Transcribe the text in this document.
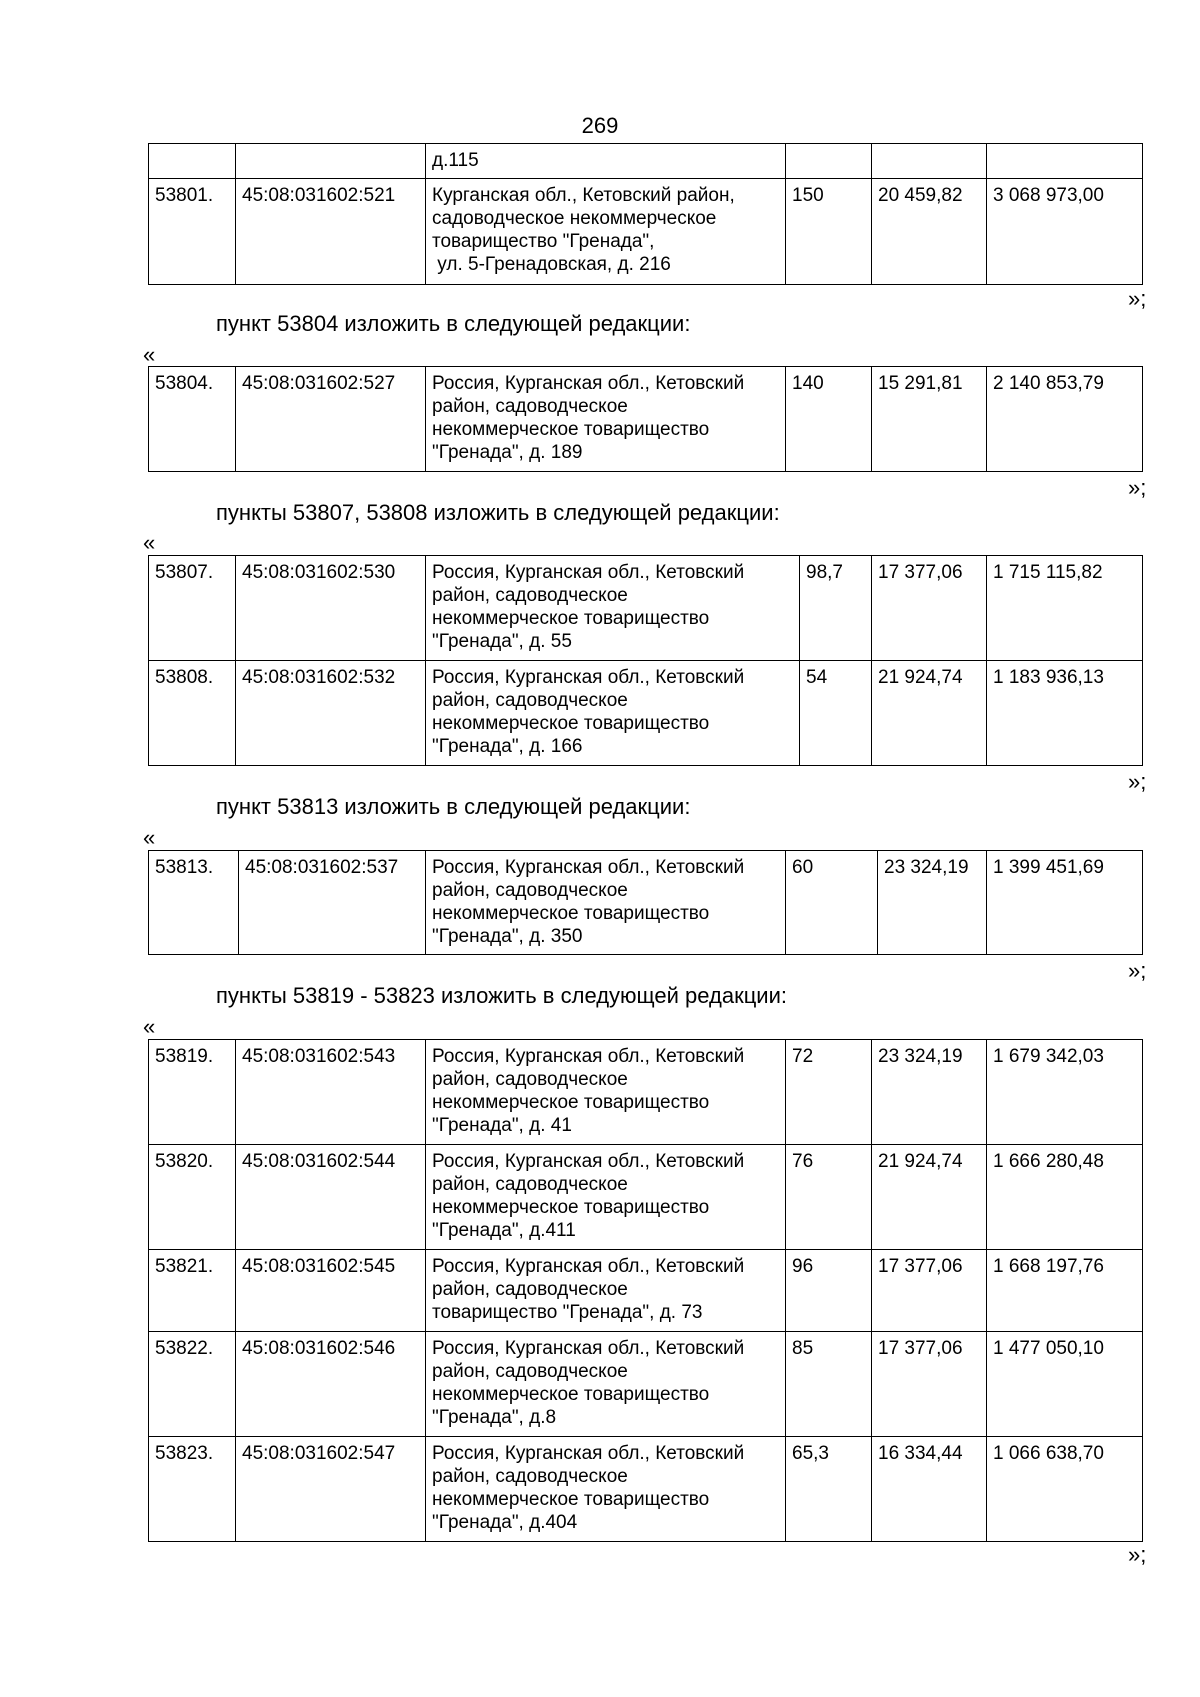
269
		д.115			
53801.	45:08:031602:521	Курганская обл., Кетовский район,
садоводческое некоммерческое
товарищество "Гренада",
ул. 5-Гренадовская, д. 216	150	20 459,82	3 068 973,00
»;
пункт 53804 изложить в следующей редакции:
«
53804.	45:08:031602:527	Россия, Курганская обл., Кетовский
район, садоводческое
некоммерческое товарищество
"Гренада", д. 189	140	15 291,81	2 140 853,79
»;
пункты 53807, 53808 изложить в следующей редакции:
«
53807.	45:08:031602:530	Россия, Курганская обл., Кетовский
район, садоводческое
некоммерческое товарищество
"Гренада", д. 55	98,7	17 377,06	1 715 115,82
53808.	45:08:031602:532	Россия, Курганская обл., Кетовский
район, садоводческое
некоммерческое товарищество
"Гренада", д. 166	54	21 924,74	1 183 936,13
»;
пункт 53813 изложить в следующей редакции:
«
53813.	45:08:031602:537	Россия, Курганская обл., Кетовский
район, садоводческое
некоммерческое товарищество
"Гренада", д. 350	60	23 324,19	1 399 451,69
»;
пункты 53819 - 53823 изложить в следующей редакции:
«
53819.	45:08:031602:543	Россия, Курганская обл., Кетовский
район, садоводческое
некоммерческое товарищество
"Гренада", д. 41	72	23 324,19	1 679 342,03
53820.	45:08:031602:544	Россия, Курганская обл., Кетовский
район, садоводческое
некоммерческое товарищество
"Гренада", д.411	76	21 924,74	1 666 280,48
53821.	45:08:031602:545	Россия, Курганская обл., Кетовский
район, садоводческое
товарищество "Гренада", д. 73	96	17 377,06	1 668 197,76
53822.	45:08:031602:546	Россия, Курганская обл., Кетовский
район, садоводческое
некоммерческое товарищество
"Гренада", д.8	85	17 377,06	1 477 050,10
53823.	45:08:031602:547	Россия, Курганская обл., Кетовский
район, садоводческое
некоммерческое товарищество
"Гренада", д.404	65,3	16 334,44	1 066 638,70
»;
